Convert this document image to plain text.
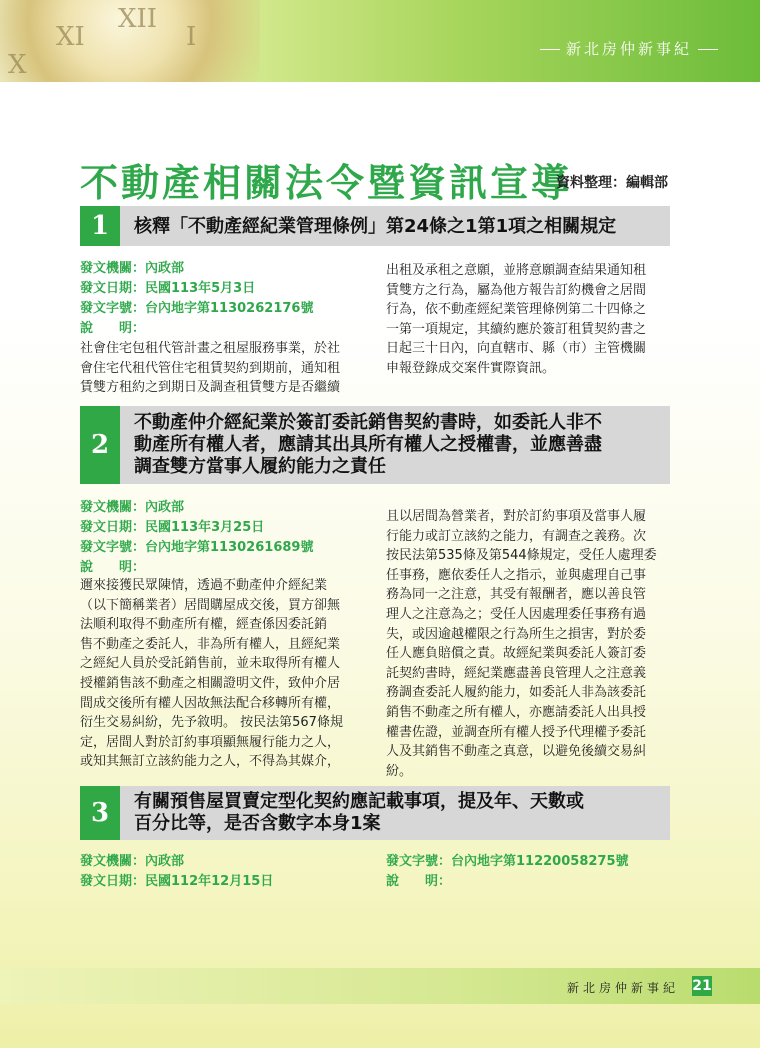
XII
I
XI
X
新北房仲新事紀
不動產相關法令暨資訊宣導
資料整理：編輯部
1	核釋「不動產經紀業管理條例」第24條之1第1項之相關規定
發文機關：內政部
發文日期：民國113年5月3日
發文字號：台內地字第1130262176號
說　　明：
社會住宅包租代管計畫之租屋服務事業，於社
會住宅代租代管住宅租賃契約到期前，通知租
賃雙方租約之到期日及調查租賃雙方是否繼續
出租及承租之意願，並將意願調查結果通知租
賃雙方之行為，屬為他方報告訂約機會之居間
行為，依不動產經紀業管理條例第二十四條之
一第一項規定，其續約應於簽訂租賃契約書之
日起三十日內，向直轄市、縣（市）主管機關
申報登錄成交案件實際資訊。
2
不動產仲介經紀業於簽訂委託銷售契約書時，如委託人非不
動產所有權人者，應請其出具所有權人之授權書，並應善盡
調查雙方當事人履約能力之責任
發文機關：內政部
發文日期：民國113年3月25日
發文字號：台內地字第1130261689號
說　　明：
邇來接獲民眾陳情，透過不動產仲介經紀業
（以下簡稱業者）居間購屋成交後，買方卻無
法順利取得不動產所有權，經查係因委託銷
售不動產之委託人，非為所有權人，且經紀業
之經紀人員於受託銷售前，並未取得所有權人
授權銷售該不動產之相關證明文件，致仲介居
間成交後所有權人因故無法配合移轉所有權，
衍生交易糾紛，先予敘明。 按民法第567條規
定，居間人對於訂約事項顯無履行能力之人，
或知其無訂立該約能力之人，不得為其媒介，
且以居間為營業者，對於訂約事項及當事人履
行能力或訂立該約之能力，有調查之義務。次
按民法第535條及第544條規定，受任人處理委
任事務，應依委任人之指示，並與處理自己事
務為同一之注意，其受有報酬者，應以善良管
理人之注意為之；受任人因處理委任事務有過
失，或因逾越權限之行為所生之損害，對於委
任人應負賠償之責。故經紀業與委託人簽訂委
託契約書時，經紀業應盡善良管理人之注意義
務調查委託人履約能力，如委託人非為該委託
銷售不動產之所有權人，亦應請委託人出具授
權書佐證，並調查所有權人授予代理權予委託
人及其銷售不動產之真意，以避免後續交易糾
紛。
3	有關預售屋買賣定型化契約應記載事項，提及年、天數或
百分比等，是否含數字本身1案
發文機關：內政部
發文日期：民國112年12月15日
發文字號：台內地字第11220058275號
說　　明：
新北房仲新事紀 21
